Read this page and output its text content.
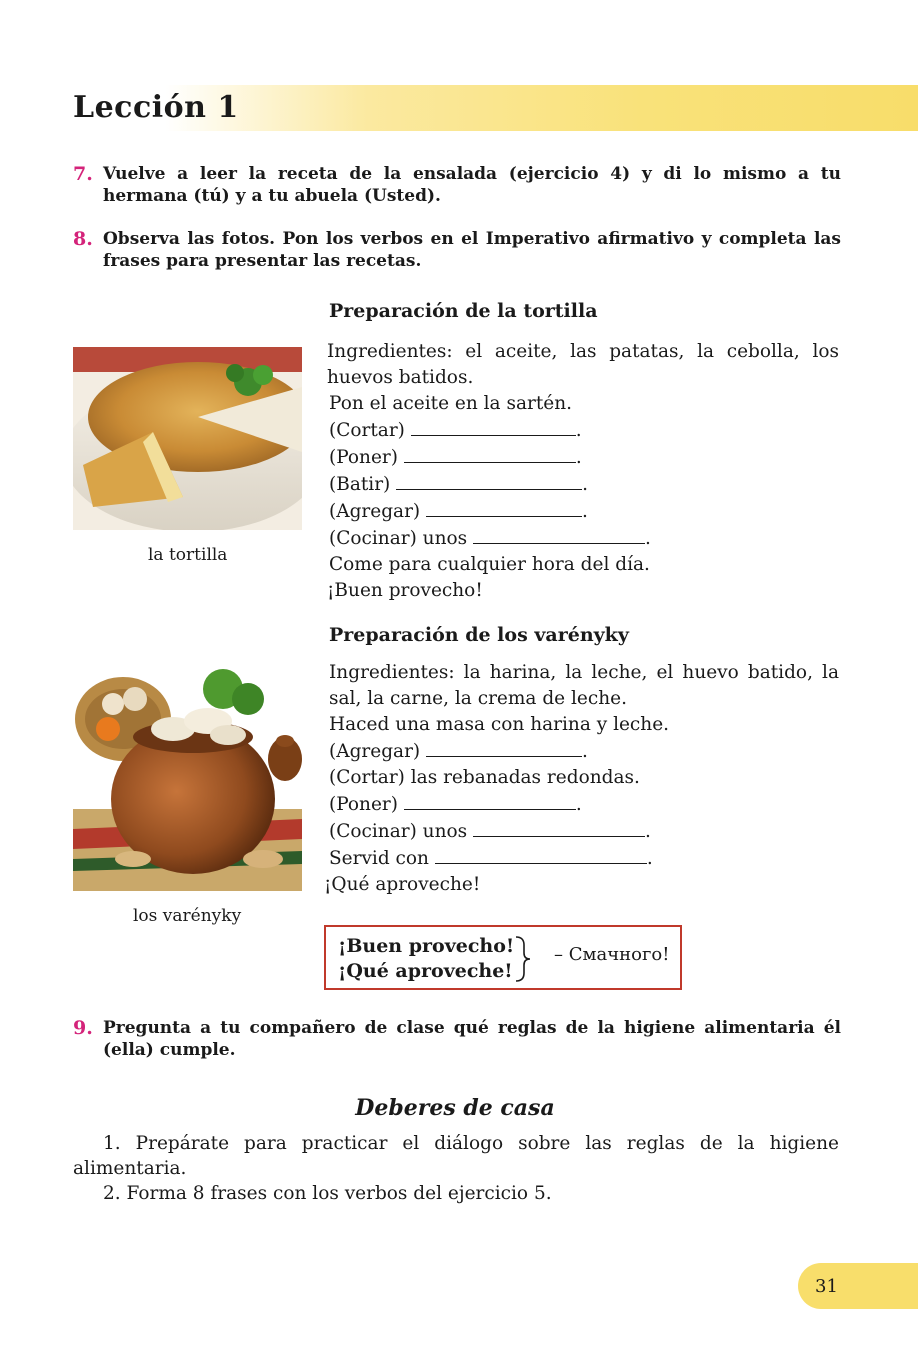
Lección 1
7. Vuelve a leer la receta de la ensalada (ejercicio 4) y di lo mismo a tu hermana (tú) y a tu abuela (Usted).
8. Observa las fotos. Pon los verbos en el Imperativo afirmativo y completa las frases para presentar las recetas.
Preparación de la tortilla
la tortilla
Ingredientes: el aceite, las patatas, la cebolla, los huevos batidos.
Pon el aceite en la sartén.
(Cortar)	.
(Poner)	.
(Batir)	.
(Agregar)	.
(Cocinar) unos	.
Come para cualquier hora del día.
¡Buen provecho!
Preparación de los varényky
los varényky
Ingredientes: la harina, la leche, el huevo batido, la sal, la carne, la crema de leche.
Haced una masa con harina y leche.
(Agregar)	.
(Cortar) las rebanadas redondas.
(Poner)	.
(Cocinar) unos	.
Servid con	.
¡Qué aproveche!
¡Buen provecho!
¡Qué aproveche!
– Смачного!
9. Pregunta a tu compañero de clase qué reglas de la higiene alimentaria él (ella) cumple.
Deberes de casa
1. Prepárate para practicar el diálogo sobre las reglas de la higiene alimentaria.
2. Forma 8 frases con los verbos del ejercicio 5.
31
